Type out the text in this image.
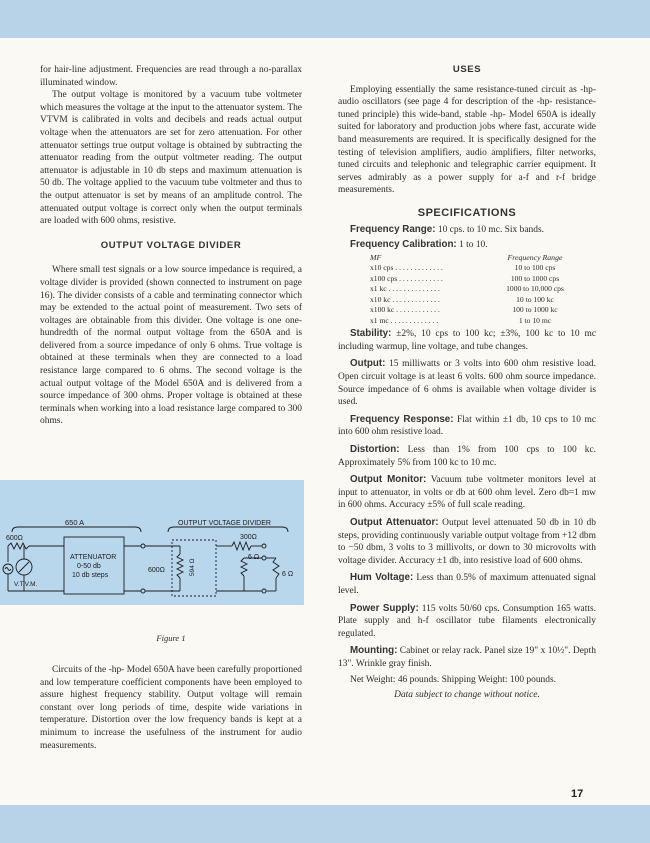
for hair-line adjustment. Frequencies are read through a no-parallax illuminated window.

The output voltage is monitored by a vacuum tube voltmeter which measures the voltage at the input to the attenuator system. The VTVM is calibrated in volts and decibels and reads actual output voltage when the attenuators are set for zero attenuation. For other attenuator settings true output voltage is obtained by subtracting the attenuator reading from the output voltmeter reading. The output attenuator is adjustable in 10 db steps and maximum attenuation is 50 db. The voltage applied to the vacuum tube voltmeter and thus to the output attenuator is set by means of an amplitude control. The attenuated output voltage is correct only when the output terminals are loaded with 600 ohms, resistive.

OUTPUT VOLTAGE DIVIDER

Where small test signals or a low source impedance is required, a voltage divider is provided (shown connected to instrument on page 16). The divider consists of a cable and terminating connector which may be extended to the actual point of measurement. Two sets of voltages are obtainable from this divider. One voltage is one one-hundredth of the normal output voltage from the 650A and is delivered from a source impedance of only 6 ohms. True voltage is obtained at these terminals when they are connected to a load resistance large compared to 6 ohms. The second voltage is the actual output voltage of the Model 650A and is delivered from a source impedance of 300 ohms. Proper voltage is obtained at these terminals when working into a load resistance large compared to 300 ohms.

650 A	OUTPUT VOLTAGE DIVIDER
600Ω
V.T.V.M.
ATTENUATOR
0-50 db
10 db steps
600Ω	594 Ω
300Ω
6 Ω
6 Ω
Figure 1

Circuits of the -hp- Model 650A have been carefully proportioned and low temperature coefficient components have been employed to assure highest frequency stability. Output voltage will remain constant over long periods of time, despite wide variations in temperature. Distortion over the low frequency bands is kept at a minimum to increase the usefulness of the instrument for audio measurements.

USES

Employing essentially the same resistance-tuned circuit as -hp- audio oscillators (see page 4 for description of the -hp- resistance-tuned principle) this wide-band, stable -hp- Model 650A is ideally suited for laboratory and production jobs where fast, accurate wide band measurements are required. It is specifically designed for the testing of television amplifiers, audio amplifiers, filter networks, tuned circuits and telephonic and telegraphic carrier equipment. It serves admirably as a power supply for a-f and r-f bridge measurements.

SPECIFICATIONS

Frequency Range: 10 cps. to 10 mc. Six bands.

Frequency Calibration: 1 to 10.

MF	Frequency Range
x10 cps . . . . . . . . . . . . .	10 to 100 cps
x100 cps . . . . . . . . . . . .	100 to 1000 cps
x1 kc . . . . . . . . . . . . . .	1000 to 10,000 cps
x10 kc . . . . . . . . . . . . .	10 to 100 kc
x100 kc . . . . . . . . . . . .	100 to 1000 kc
x1 mc . . . . . . . . . . . . .	1 to 10 mc

Stability: ±2%, 10 cps to 100 kc; ±3%, 100 kc to 10 mc including warmup, line voltage, and tube changes.

Output: 15 milliwatts or 3 volts into 600 ohm resistive load. Open circuit voltage is at least 6 volts. 600 ohm source impedance. Source impedance of 6 ohms is available when voltage divider is used.

Frequency Response: Flat within ±1 db, 10 cps to 10 mc into 600 ohm resistive load.

Distortion: Less than 1% from 100 cps to 100 kc. Approximately 5% from 100 kc to 10 mc.

Output Monitor: Vacuum tube voltmeter monitors level at input to attenuator, in volts or db at 600 ohm level. Zero db=1 mw in 600 ohms. Accuracy ±5% of full scale reading.

Output Attenuator: Output level attenuated 50 db in 10 db steps, providing continuously variable output voltage from +12 dbm to −50 dbm, 3 volts to 3 millivolts, or down to 30 microvolts with voltage divider. Accuracy ±1 db, into resistive load of 600 ohms.

Hum Voltage: Less than 0.5% of maximum attenuated signal level.

Power Supply: 115 volts 50/60 cps. Consumption 165 watts. Plate supply and h-f oscillator tube filaments electronically regulated.

Mounting: Cabinet or relay rack. Panel size 19" x 10½". Depth 13". Wrinkle gray finish.

Net Weight: 46 pounds. Shipping Weight: 100 pounds.

Data subject to change without notice.
17
